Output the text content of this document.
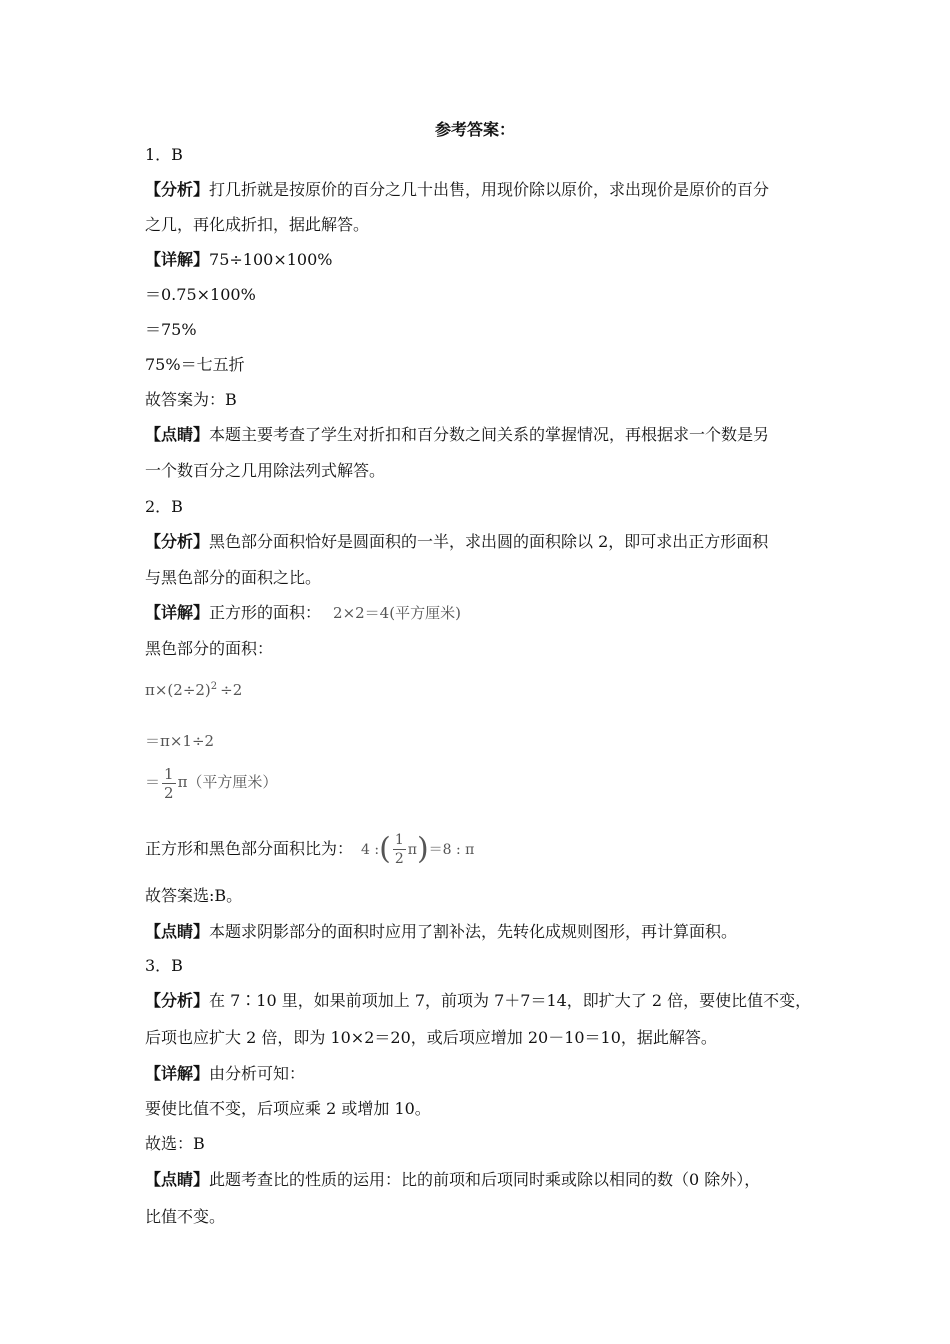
参考答案：
1．B
【分析】打几折就是按原价的百分之几十出售，用现价除以原价，求出现价是原价的百分
之几，再化成折扣，据此解答。
【详解】75÷100×100%
＝0.75×100%
＝75%
75%＝七五折
故答案为：B
【点睛】本题主要考查了学生对折扣和百分数之间关系的掌握情况，再根据求一个数是另
一个数百分之几用除法列式解答。
2．B
【分析】黑色部分面积恰好是圆面积的一半，求出圆的面积除以 2，即可求出正方形面积
与黑色部分的面积之比。
【详解】正方形的面积： 2×2＝4(平方厘米)
黑色部分的面积：
$\pi\times(2\div 2)^2 \div 2$
＝π×1÷2
＝ $\frac{1}{2} \pi$（平方厘米）
正方形和黑色部分面积比为： 4 :( $\frac{1}{2} \pi)=8$ : π
故答案选:B。
【点睛】本题求阴影部分的面积时应用了割补法，先转化成规则图形，再计算面积。
3．B
【分析】在 7∶10 里，如果前项加上 7，前项为 7＋7＝14，即扩大了 2 倍，要使比值不变，
后项也应扩大 2 倍，即为 10×2＝20，或后项应增加 20－10＝10，据此解答。
【详解】由分析可知：
要使比值不变，后项应乘 2 或增加 10。
故选：B
【点睛】此题考查比的性质的运用：比的前项和后项同时乘或除以相同的数（0 除外），
比值不变。
